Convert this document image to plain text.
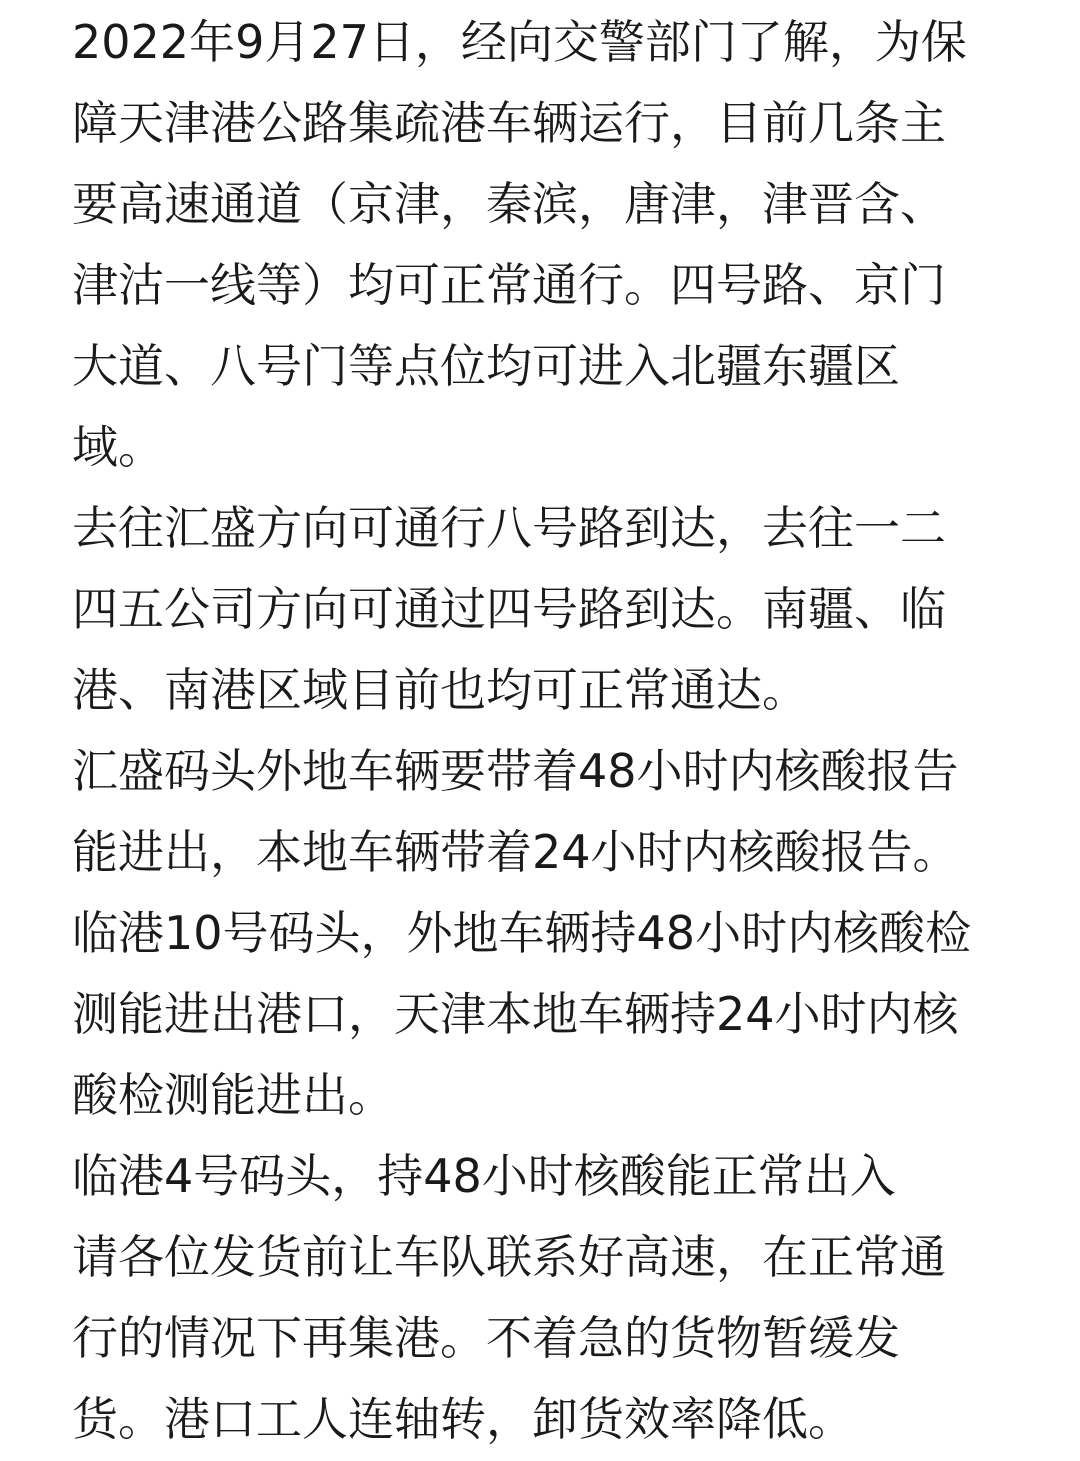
2022年9月27日，经向交警部门了解，为保
障天津港公路集疏港车辆运行，目前几条主
要高速通道（京津，秦滨，唐津，津晋含、
津沽一线等）均可正常通行。四号路、京门
大道、八号门等点位均可进入北疆东疆区
域。
去往汇盛方向可通行八号路到达，去往一二
四五公司方向可通过四号路到达。南疆、临
港、南港区域目前也均可正常通达。
汇盛码头外地车辆要带着48小时内核酸报告
能进出，本地车辆带着24小时内核酸报告。
临港10号码头，外地车辆持48小时内核酸检
测能进出港口，天津本地车辆持24小时内核
酸检测能进出。
临港4号码头，持48小时核酸能正常出入
请各位发货前让车队联系好高速，在正常通
行的情况下再集港。不着急的货物暂缓发
货。港口工人连轴转，卸货效率降低。
